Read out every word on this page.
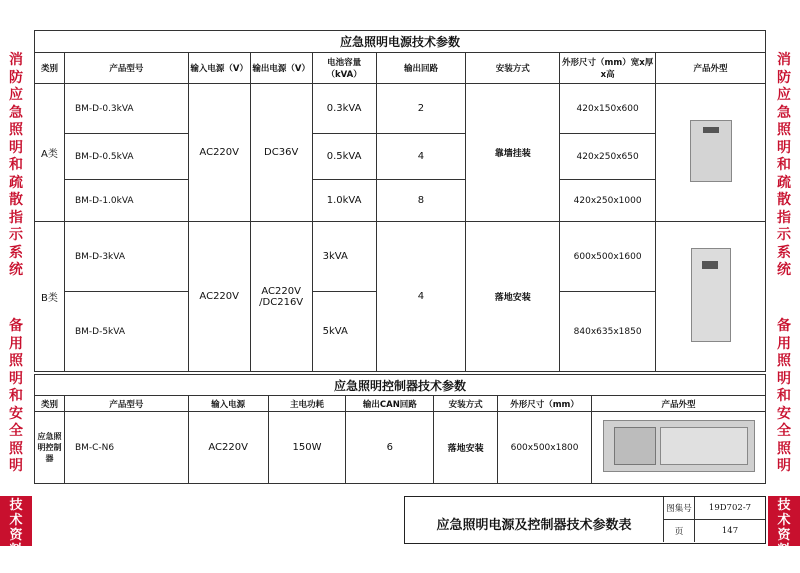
消
防
应
急
照
明
和
疏
散
指
示
系
统
备
用
照
明
和
安
全
照
明
技
术
资
料
消
防
应
急
照
明
和
疏
散
指
示
系
统
备
用
照
明
和
安
全
照
明
技
术
资
料
应急照明电源技术参数								
类别	产品型号	输入电源（V）	输出电源（V）	电池容量（kVA）	输出回路	安装方式	外形尺寸（mm）宽x厚x高	产品外型
A类	BM-D-0.3kVA	AC220V	DC36V	0.3kVA	2	靠墙挂装	420x150x600	

	BM-D-0.5kVA			0.5kVA	4		420x250x650	
	BM-D-1.0kVA			1.0kVA	8		420x250x1000	
B类	BM-D-3kVA	AC220V	AC220V /DC216V	3kVA	4	落地安装	600x500x1600	

	BM-D-5kVA			5kVA			840x635x1850	
应急照明控制器技术参数							
类别	产品型号	输入电源	主电功耗	输出CAN回路	安装方式	外形尺寸（mm）	产品外型
应急照明控制器	BM-C-N6	AC220V	150W	6	落地安装	600x500x1800	
应急照明电源及控制器技术参数表
图集号	19D702-7
页	147
